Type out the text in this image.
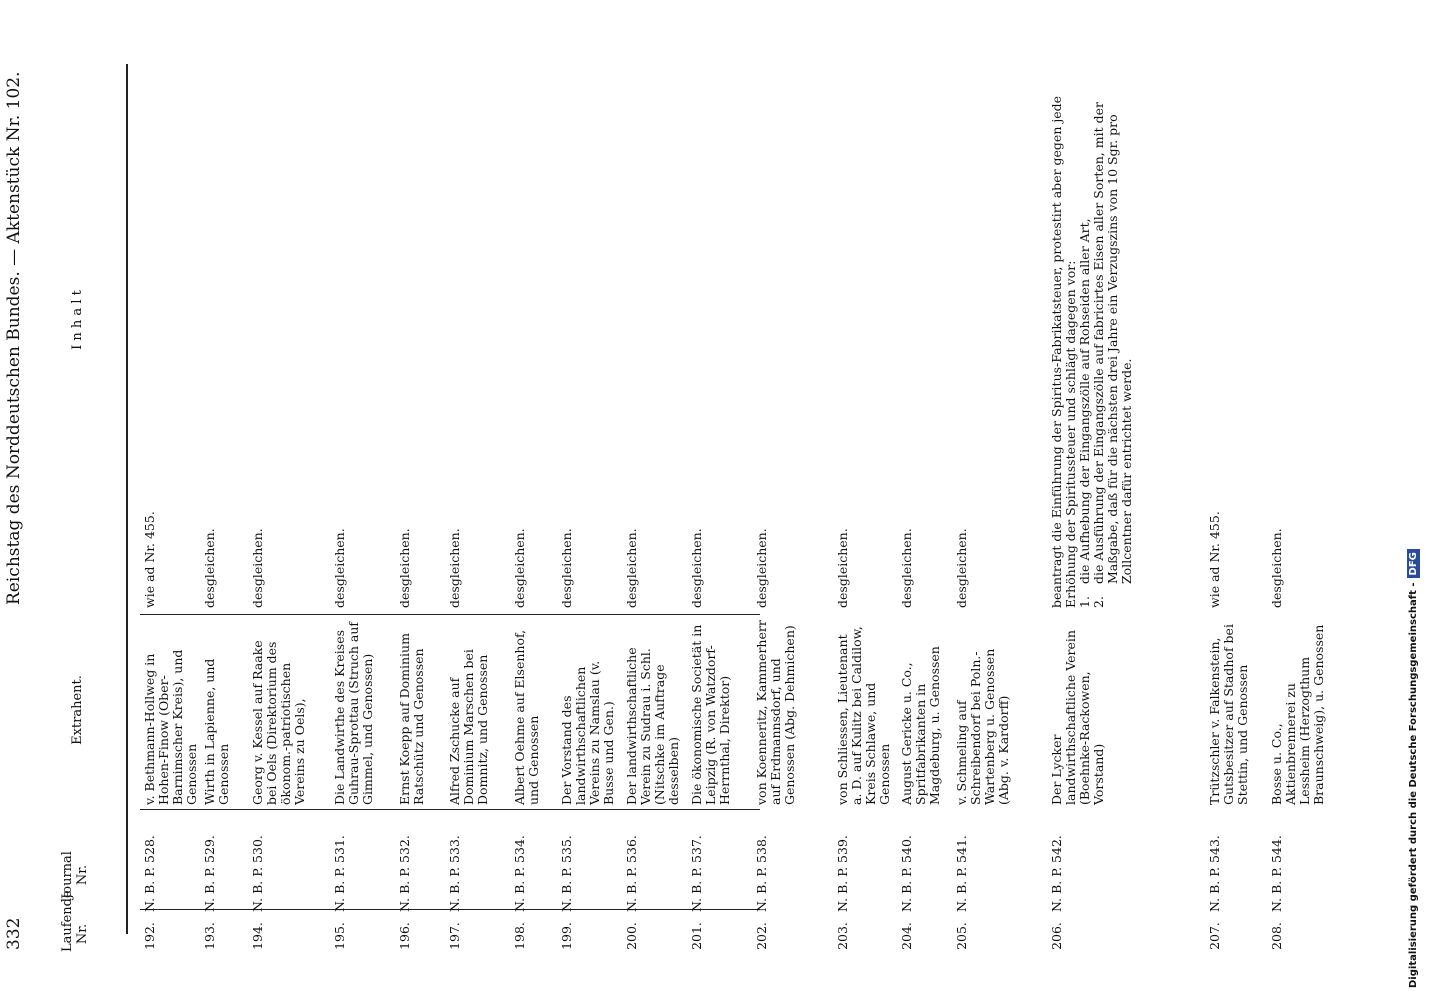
332
Reichstag des Norddeutschen Bundes. — Aktenstück Nr. 102.
Laufende Nr.
Journal Nr.
Extrahent.
I n h a l t
192.
N. B. P. 528.
v. Bethmann-Hollweg in Hohen-Finow (Ober-Barnimscher Kreis), und Genossen
wie ad Nr. 455.
193.
N. B. P. 529.
Wirth in Lapienne, und Genossen
desgleichen.
194.
N. B. P. 530.
Georg v. Kessel auf Raake bei Oels (Direktorium des ökonom.-patriotischen Vereins zu Oels),
desgleichen.
195.
N. B. P. 531.
Die Landwirthe des Kreises Guhrau-Sprottau (Struch auf Gimmel, und Genossen)
desgleichen.
196.
N. B. P. 532.
Ernst Koepp auf Dominium Ratschütz und Genossen
desgleichen.
197.
N. B. P. 533.
Alfred Zschucke auf Dominium Marschen bei Domnitz, und Genossen
desgleichen.
198.
N. B. P. 534.
Albert Oehme auf Elsenhof, und Genossen
desgleichen.
199.
N. B. P. 535.
Der Vorstand des landwirthschaftlichen Vereins zu Namslau (v. Busse und Gen.)
desgleichen.
200.
N. B. P. 536.
Der landwirthschaftliche Verein zu Sudrau i. Schl. (Nitschke im Auftrage desselben)
desgleichen.
201.
N. B. P. 537.
Die ökonomische Societät in Leipzig (R. von Watzdorf-Herrnthal, Direktor)
desgleichen.
202.
N. B. P. 538.
von Koenneritz, Kammerherr auf Erdmannsdorf, und Genossen (Abg. Dehmichen)
desgleichen.
203.
N. B. P. 539.
von Schliessen, Lieutenant a. D. auf Kulitz bei Caldilow, Kreis Schlawe, und Genossen
desgleichen.
204.
N. B. P. 540.
August Gericke u. Co., Spritfabrikanten in Magdeburg, u. Genossen
desgleichen.
205.
N. B. P. 541.
v. Schmeling auf Schreibendorf bei Poln.-Wartenberg u. Genossen (Abg. v. Kardorff)
desgleichen.
206.
N. B. P. 542.
Der Lycker landwirthschaftliche Verein (Boehnke-Rackowen, Vorstand)
beantragt die Einführung der Spiritus-Fabrikatsteuer, protestirt aber gegen jede Erhöhung der Spiritussteuer und schlägt dagegen vor: 1.
die Aufhebung der Eingangszölle auf Rohseiden aller Art,
2.
die Ausführung der Eingangszölle auf fabricirtes Eisen aller Sorten, mit der Maßgabe, daß für die nächsten drei Jahre ein Verzugszins von 10 Sgr. pro Zollcentner dafür entrichtet werde.
207.
N. B. P. 543.
Trützschler v. Falkenstein, Gutsbesitzer auf Stadhof bei Stettin, und Genossen
wie ad Nr. 455.
208.
N. B. P. 544.
Bosse u. Co., Aktienbrennerei zu Lessheim (Herzogthum Braunschweig), u. Genossen
desgleichen.
Digitalisierung gefördert durch die Deutsche Forschungsgemeinschaft -DFG
